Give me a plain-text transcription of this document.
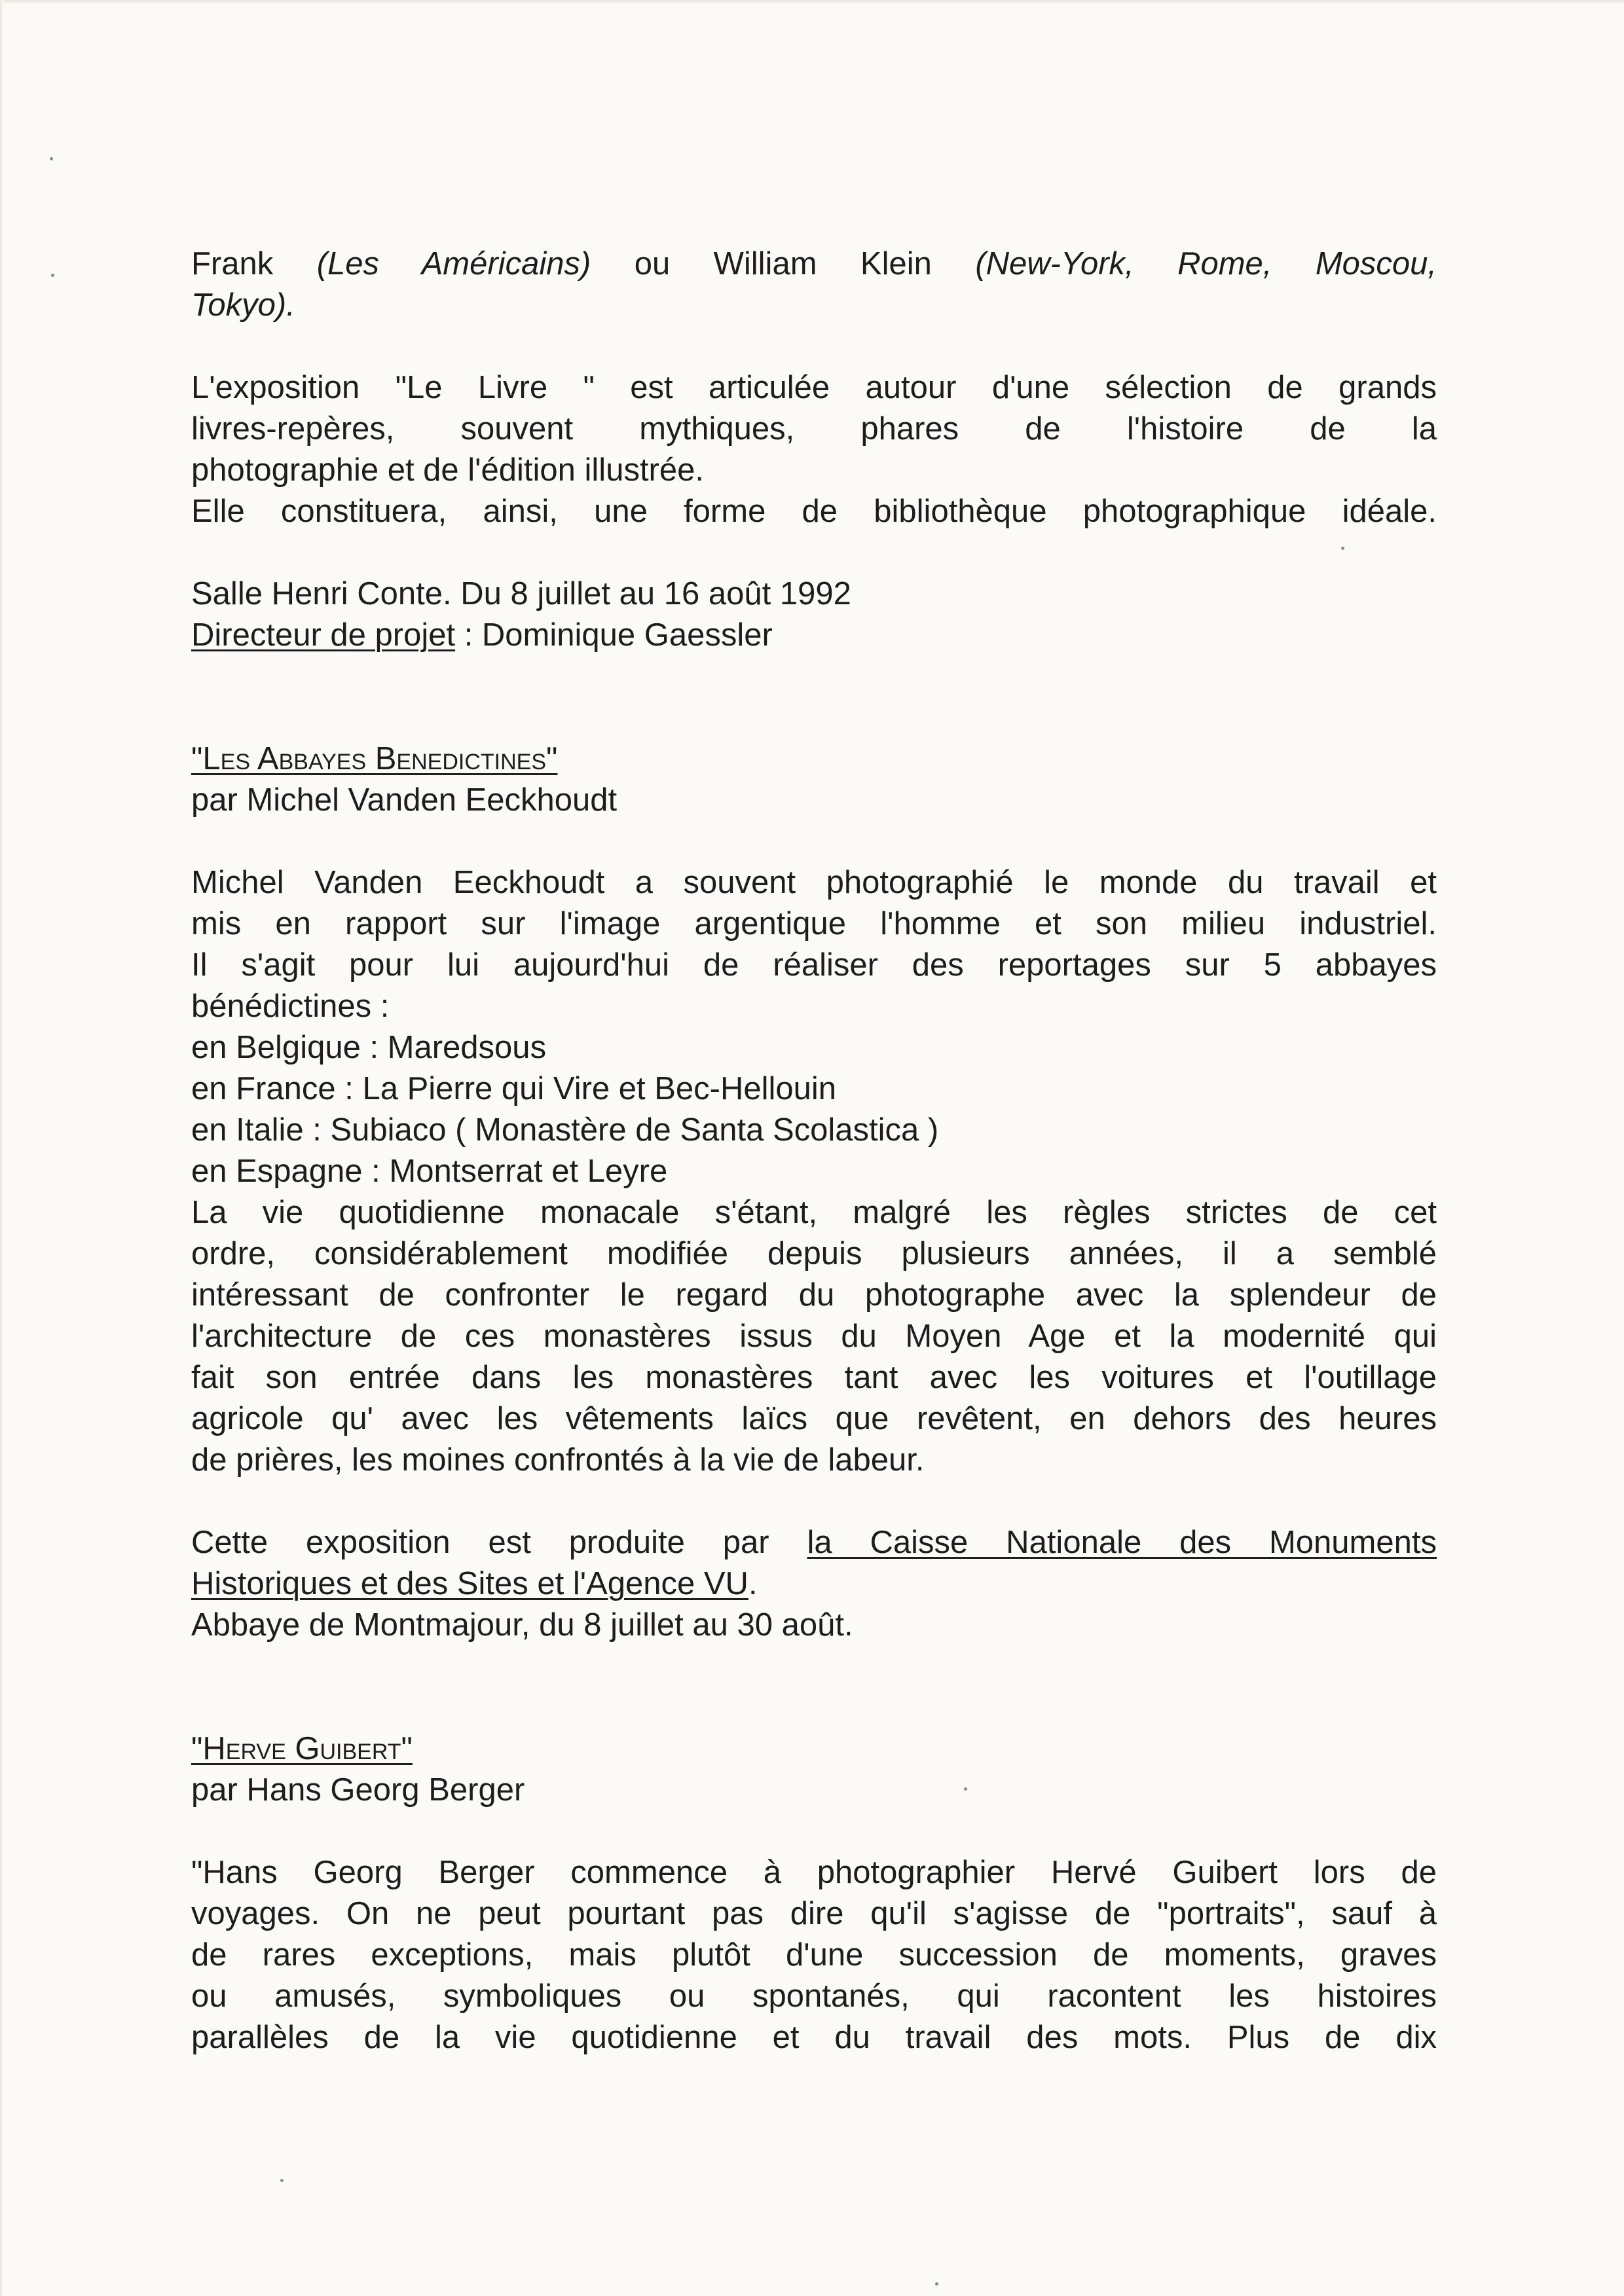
Frank (Les Américains) ou William Klein (New-York, Rome, Moscou,
Tokyo).
L'exposition "Le Livre " est articulée autour d'une sélection de grands
livres-repères, souvent mythiques, phares de l'histoire de la
photographie et de l'édition illustrée.
Elle constituera, ainsi, une forme de bibliothèque photographique idéale.
Salle Henri Conte. Du 8 juillet au 16 août 1992
Directeur de projet : Dominique Gaessler
"Les Abbayes Benedictines"
par Michel Vanden Eeckhoudt
Michel Vanden Eeckhoudt a souvent photographié le monde du travail et
mis en rapport sur l'image argentique l'homme et son milieu industriel.
Il s'agit pour lui aujourd'hui de réaliser des reportages sur 5 abbayes
bénédictines :
en Belgique : Maredsous
en France : La Pierre qui Vire et Bec-Hellouin
en Italie : Subiaco ( Monastère de Santa Scolastica )
en Espagne : Montserrat et Leyre
La vie quotidienne monacale s'étant, malgré les règles strictes de cet
ordre, considérablement modifiée depuis plusieurs années, il a semblé
intéressant de confronter le regard du photographe avec la splendeur de
l'architecture de ces monastères issus du Moyen Age et la modernité qui
fait son entrée dans les monastères tant avec les voitures et l'outillage
agricole qu' avec les vêtements laïcs que revêtent, en dehors des heures
de prières, les moines confrontés à la vie de labeur.
Cette exposition est produite par la Caisse Nationale des Monuments
Historiques et des Sites et l'Agence VU.
Abbaye de Montmajour, du 8 juillet au 30 août.
"Herve Guibert"
par Hans Georg Berger
"Hans Georg Berger commence à photographier Hervé Guibert lors de
voyages. On ne peut pourtant pas dire qu'il s'agisse de "portraits", sauf à
de rares exceptions, mais plutôt d'une succession de moments, graves
ou amusés, symboliques ou spontanés, qui racontent les histoires
parallèles de la vie quotidienne et du travail des mots. Plus de dix
